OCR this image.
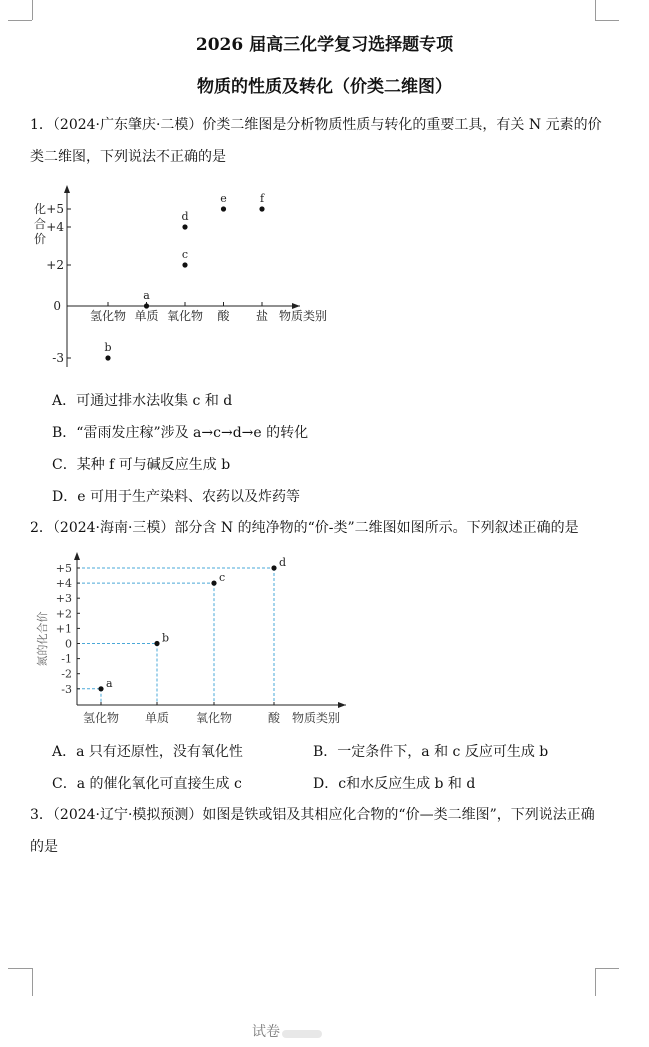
2026 届高三化学复习选择题专项
物质的性质及转化（价类二维图）
1．（2024·广东肇庆·二模）价类二维图是分析物质性质与转化的重要工具，有关 N 元素的价
类二维图，下列说法不正确的是
化
合
价
+5
+4
+2
0
-3
氢化物 单质 氧化物 酸 盐 物质类别
a
b
c
d
e	f
A．可通过排水法收集 c 和 d
B．“雷雨发庄稼”涉及 a→c→d→e 的转化
C．某种 f 可与碱反应生成 b
D．e 可用于生产染料、农药以及炸药等
2．（2024·海南·三模）部分含 N 的纯净物的“价-类”二维图如图所示。下列叙述正确的是
氮的化合价
+5
+4
+3
+2
+1
0
-1
-2
-3
氢化物 单质 氧化物	酸 物质类别
a
b
c
d
A．a 只有还原性，没有氧化性	B．一定条件下，a 和 c 反应可生成 b
C．a 的催化氧化可直接生成 c	D．c和水反应生成 b 和 d
3．（2024·辽宁·模拟预测）如图是铁或铝及其相应化合物的“价—类二维图”，下列说法正确
的是
试卷
